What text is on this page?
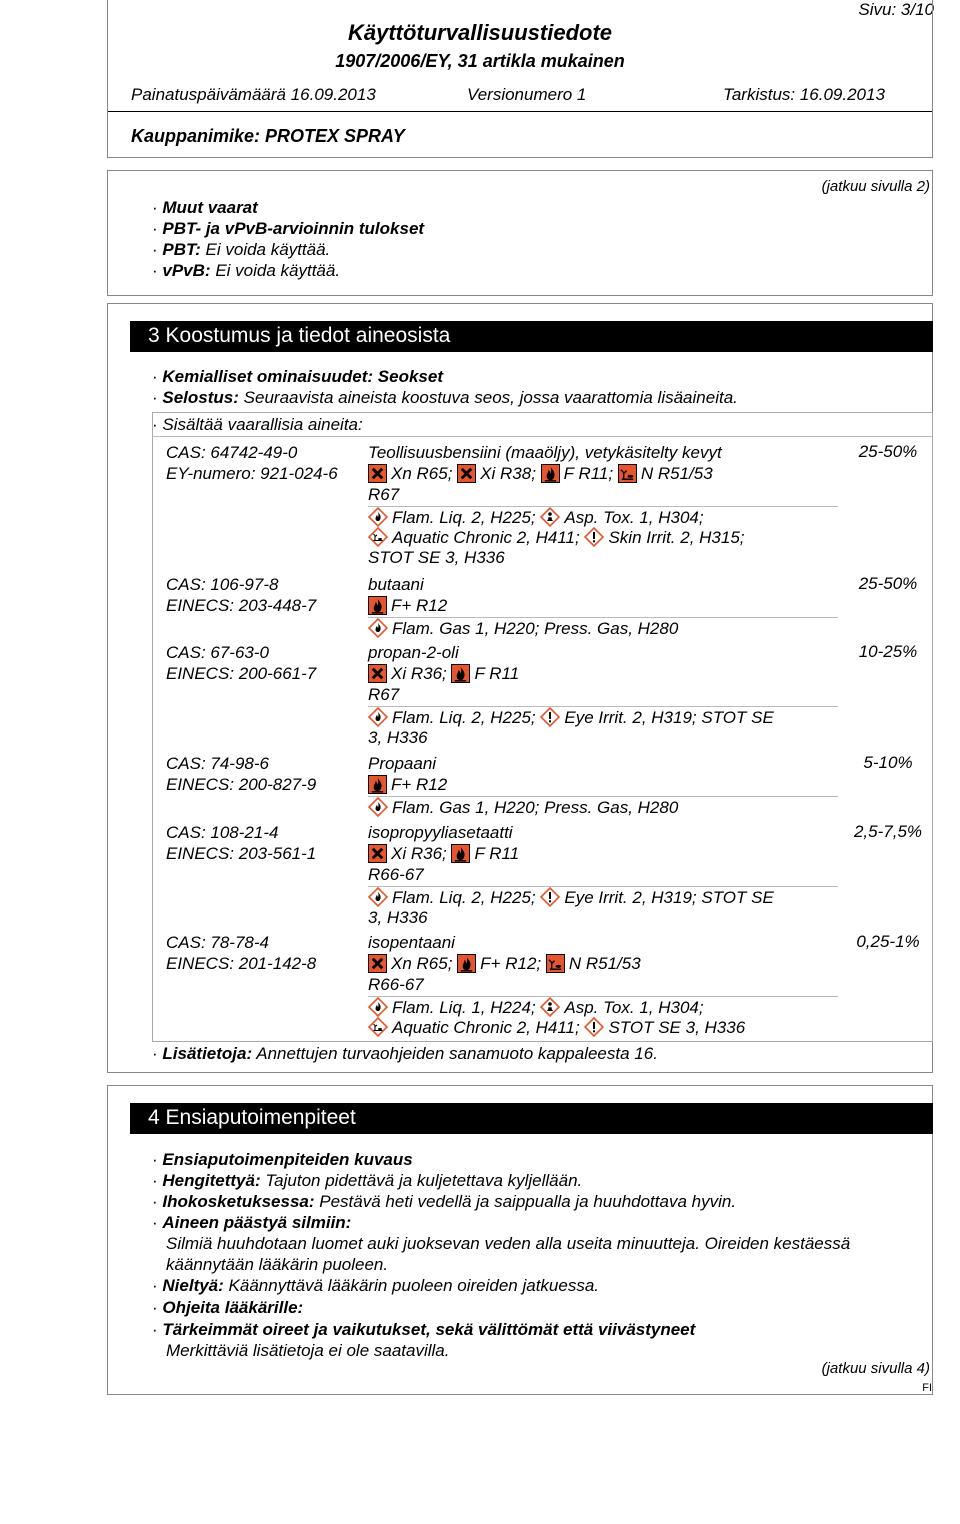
Sivu: 3/10
Käyttöturvallisuustiedote
1907/2006/EY, 31 artikla mukainen
Painatuspäivämäärä 16.09.2013	Versionumero 1	Tarkistus: 16.09.2013
Kauppanimike: PROTEX SPRAY
(jatkuu sivulla 2)
· Muut vaarat
· PBT- ja vPvB-arvioinnin tulokset
· PBT: Ei voida käyttää.
· vPvB: Ei voida käyttää.
3 Koostumus ja tiedot aineosista
· Kemialliset ominaisuudet: Seokset
· Selostus: Seuraavista aineista koostuva seos, jossa vaarattomia lisäaineita.
· Sisältää vaarallisia aineita:
CAS: 64742-49-0
EY-numero: 921-024-6
Teollisuusbensiini (maaöljy), vetykäsitelty kevyt
Xn R65; Xi R38; F R11; N R51/53
R67
Flam. Liq. 2, H225; Asp. Tox. 1, H304;
Aquatic Chronic 2, H411; Skin Irrit. 2, H315;
STOT SE 3, H336
25-50%
CAS: 106-97-8
EINECS: 203-448-7
butaani
F+ R12
Flam. Gas 1, H220; Press. Gas, H280
25-50%
CAS: 67-63-0
EINECS: 200-661-7
propan-2-oli
Xi R36; F R11
R67
Flam. Liq. 2, H225; Eye Irrit. 2, H319; STOT SE
3, H336
10-25%
CAS: 74-98-6
EINECS: 200-827-9
Propaani
F+ R12
Flam. Gas 1, H220; Press. Gas, H280
5-10%
CAS: 108-21-4
EINECS: 203-561-1
isopropyyliasetaatti
Xi R36; F R11
R66-67
Flam. Liq. 2, H225; Eye Irrit. 2, H319; STOT SE
3, H336
2,5-7,5%
CAS: 78-78-4
EINECS: 201-142-8
isopentaani
Xn R65; F+ R12; N R51/53
R66-67
Flam. Liq. 1, H224; Asp. Tox. 1, H304;
Aquatic Chronic 2, H411; STOT SE 3, H336
0,25-1%
· Lisätietoja: Annettujen turvaohjeiden sanamuoto kappaleesta 16.
4 Ensiaputoimenpiteet
· Ensiaputoimenpiteiden kuvaus
· Hengitettyä: Tajuton pidettävä ja kuljetettava kyljellään.
· Ihokosketuksessa: Pestävä heti vedellä ja saippualla ja huuhdottava hyvin.
· Aineen päästyä silmiin:
Silmiä huuhdotaan luomet auki juoksevan veden alla useita minuutteja. Oireiden kestäessä
käännytään lääkärin puoleen.
· Nieltyä: Käännyttävä lääkärin puoleen oireiden jatkuessa.
· Ohjeita lääkärille:
· Tärkeimmät oireet ja vaikutukset, sekä välittömät että viivästyneet
Merkittäviä lisätietoja ei ole saatavilla.
(jatkuu sivulla 4)
FI
